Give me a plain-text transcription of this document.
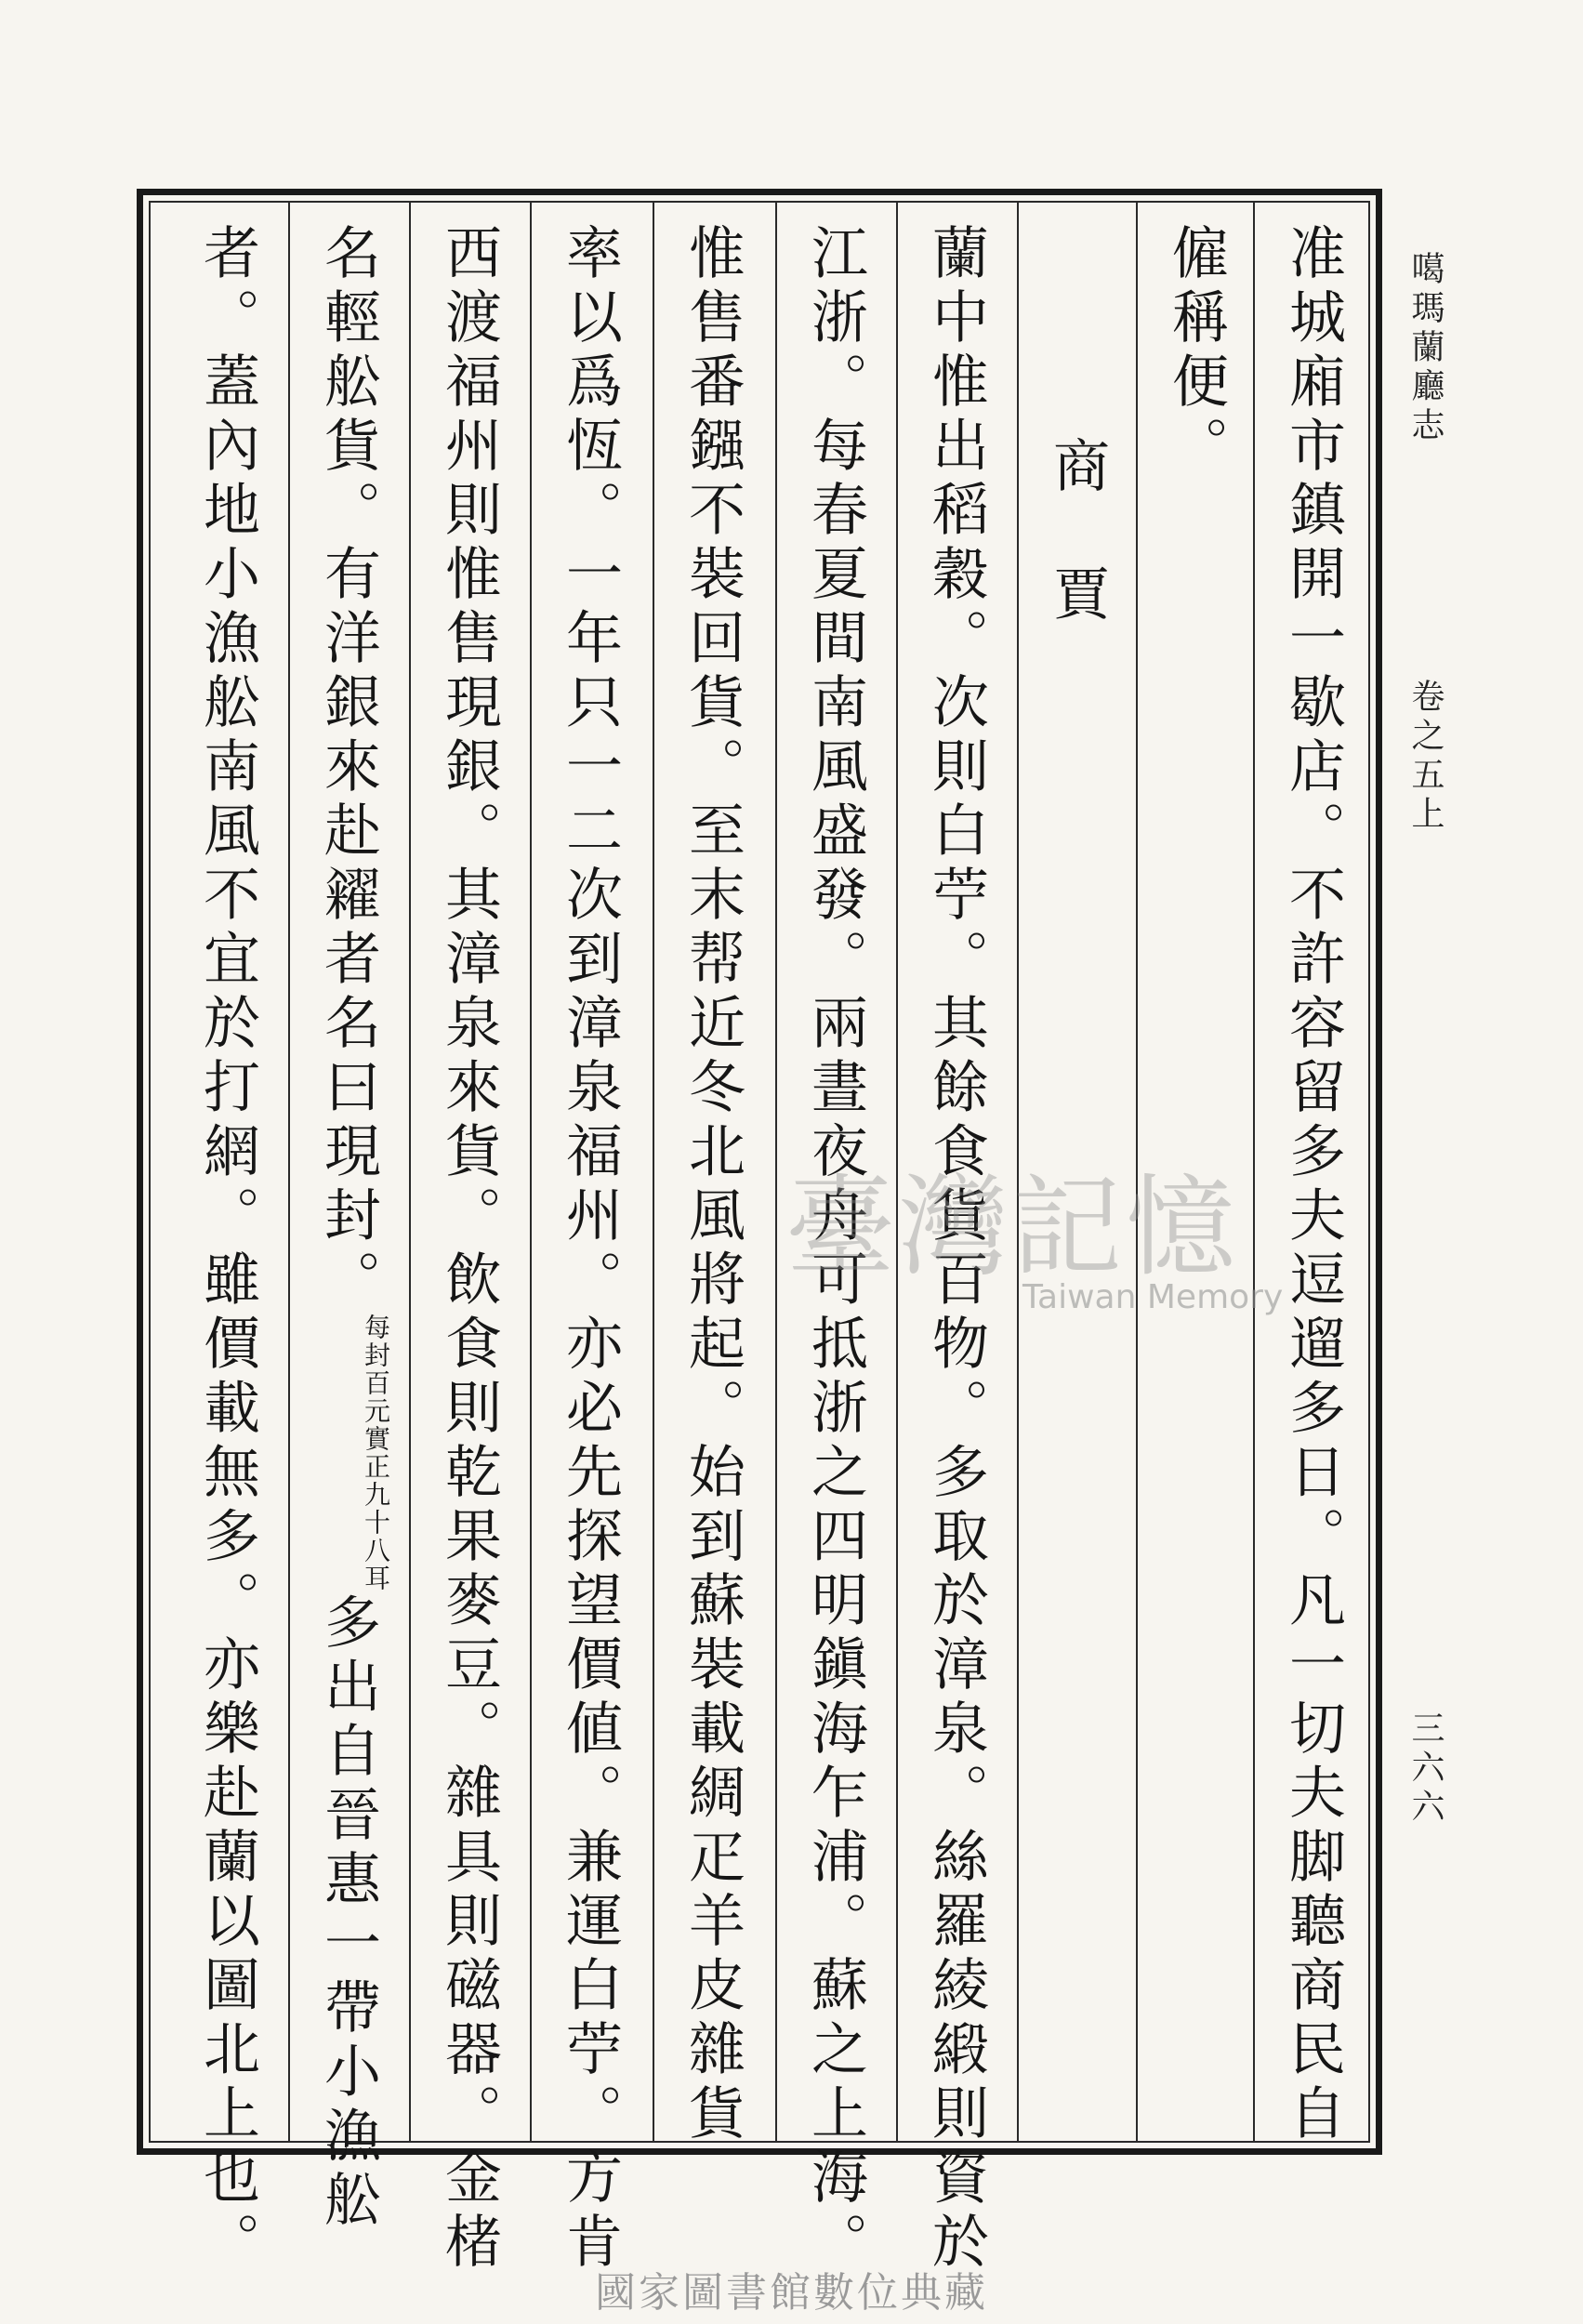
噶瑪蘭廳志
卷之五上
三六六
准城廂市鎮開一歇店。不許容留多夫逗遛多日。凡一切夫脚聽商民自
僱稱便。
　商　賈
蘭中惟出稻穀。次則白苧。其餘食貨百物。多取於漳泉。絲羅綾緞則資於
江浙。每春夏間南風盛發。兩晝夜舟可抵浙之四明鎭海乍浦。蘇之上海。
惟售番鏹不裝回貨。至末帮近冬北風將起。始到蘇裝載綢疋羊皮雜貨
率以爲恆。一年只一二次到漳泉福州。亦必先探望價値。兼運白苧。方肯
西渡福州則惟售現銀。其漳泉來貨。飲食則乾果麥豆。雜具則磁器。金楮
名輕舩貨。有洋銀來赴糴者名曰現封。$^{每封百元實正九十八耳}$多出自晉惠一帶小漁舩
者。蓋內地小漁舩南風不宜於打網。雖價載無多。亦樂赴蘭以圖北上也。	臺灣記憶
Taiwan Memory
國家圖書館數位典藏
